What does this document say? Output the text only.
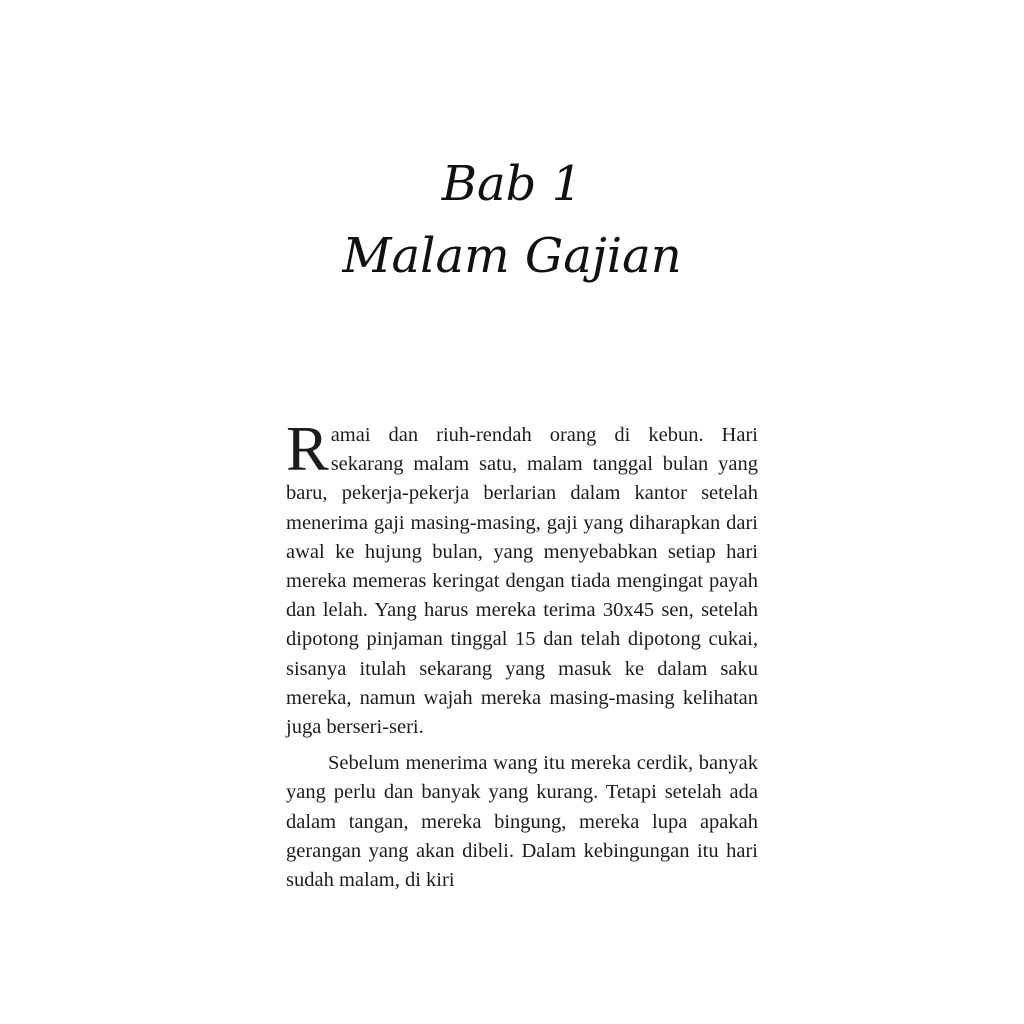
Bab 1
Malam Gajian

Ramai dan riuh-rendah orang di kebun. Hari sekarang malam satu, malam tanggal bulan yang baru, pekerja-pekerja berlarian dalam kantor setelah menerima gaji masing-masing, gaji yang diharapkan dari awal ke hujung bulan, yang menyebabkan setiap hari mereka memeras keringat dengan tiada mengingat payah dan lelah. Yang harus mereka terima 30x45 sen, setelah dipotong pinjaman tinggal 15 dan telah dipotong cukai, sisanya itulah sekarang yang masuk ke dalam saku mereka, namun wajah mereka masing-masing kelihatan juga berseri-seri.

Sebelum menerima wang itu mereka cerdik, banyak yang perlu dan banyak yang kurang. Tetapi setelah ada dalam tangan, mereka bingung, mereka lupa apakah gerangan yang akan dibeli. Dalam kebingungan itu hari sudah malam, di kiri
